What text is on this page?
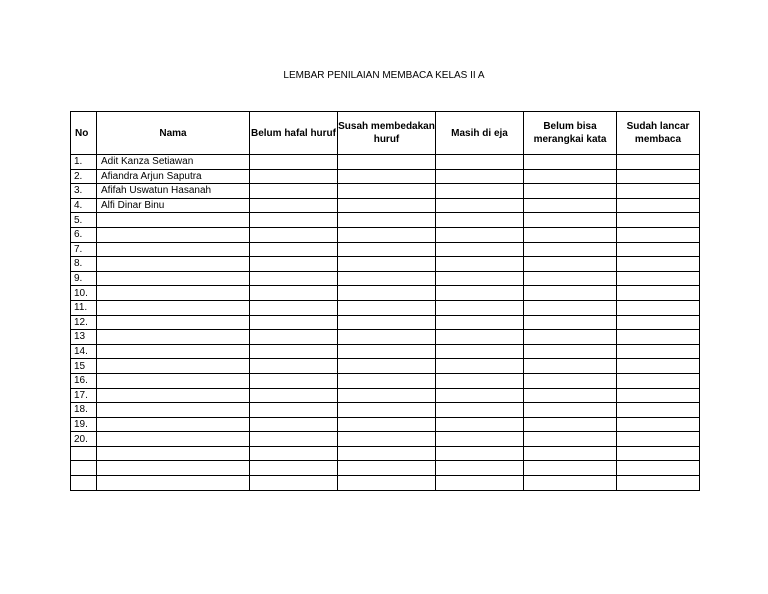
LEMBAR PENILAIAN MEMBACA KELAS II A
No	Nama	Belum hafal huruf	Susah membedakan huruf	Masih di eja	Belum bisa merangkai kata	Sudah lancar membaca
1.	Adit Kanza Setiawan					
2.	Afiandra Arjun Saputra					
3.	Afifah Uswatun Hasanah					
4.	Alfi Dinar Binu					
5.						
6.						
7.						
8.						
9.						
10.						
11.						
12.						
13						
14.						
15						
16.						
17.						
18.						
19.						
20.						
